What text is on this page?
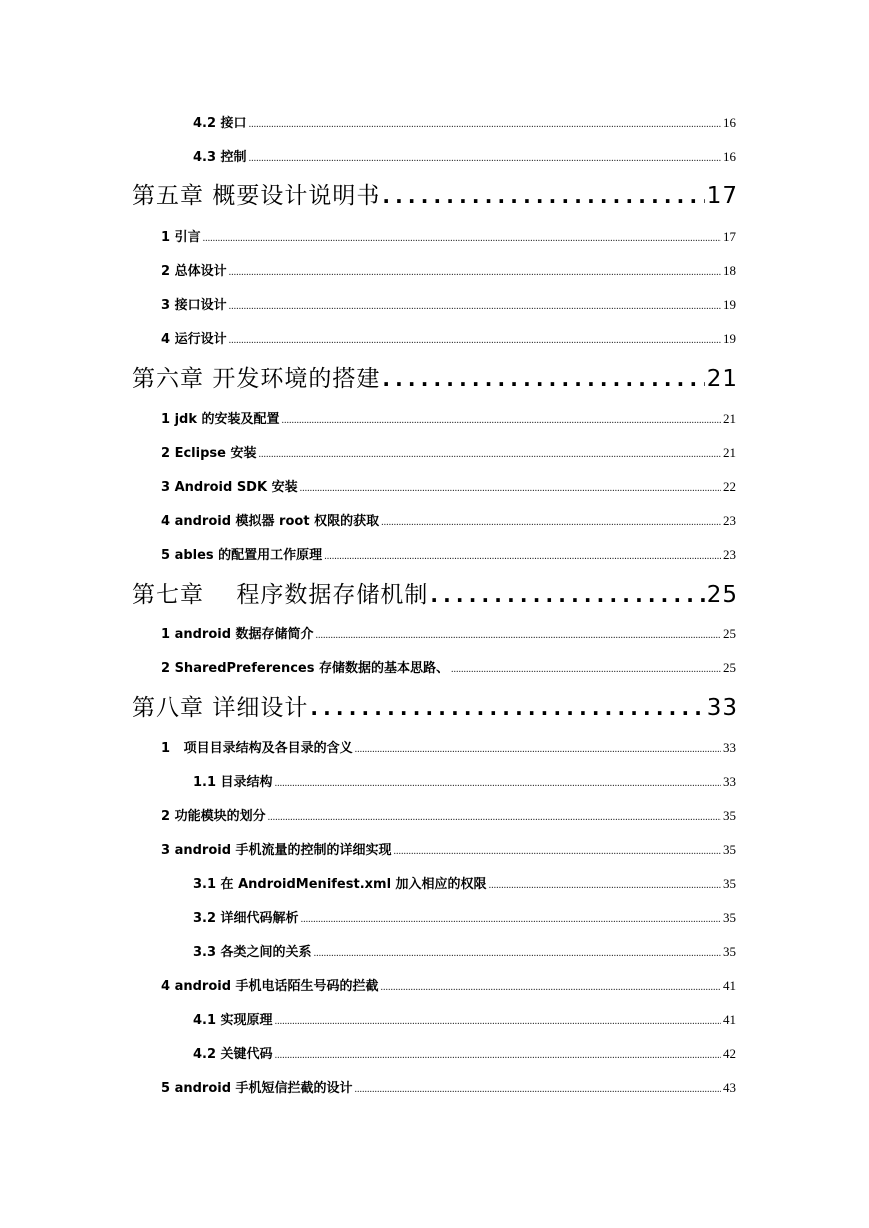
4.2 接口 .....	16
4.3 控制 .....	16
第五章 概要设计说明书 .....	17
1 引言 .....	17
2 总体设计 .....	18
3 接口设计 .....	19
4 运行设计 .....	19
第六章 开发环境的搭建 .....	21
1 jdk 的安装及配置 .....	21
2 Eclipse 安装 .....	21
3 Android SDK 安装 .....	22
4 android 模拟器 root 权限的获取 .....	23
5 ables 的配置用工作原理 .....	23
第七章 程序数据存储机制 .....	25
1 android 数据存储简介 .....	25
2 SharedPreferences 存储数据的基本思路、 .....	25
第八章 详细设计 .....	33
1   项目目录结构及各目录的含义 .....	33
1.1 目录结构 .....	33
2 功能模块的划分 .....	35
3 android 手机流量的控制的详细实现 .....	35
3.1 在 AndroidMenifest.xml 加入相应的权限 .....	35
3.2 详细代码解析 .....	35
3.3 各类之间的关系 .....	35
4 android 手机电话陌生号码的拦截 .....	41
4.1 实现原理 .....	41
4.2 关键代码 .....	42
5 android 手机短信拦截的设计 .....	43
